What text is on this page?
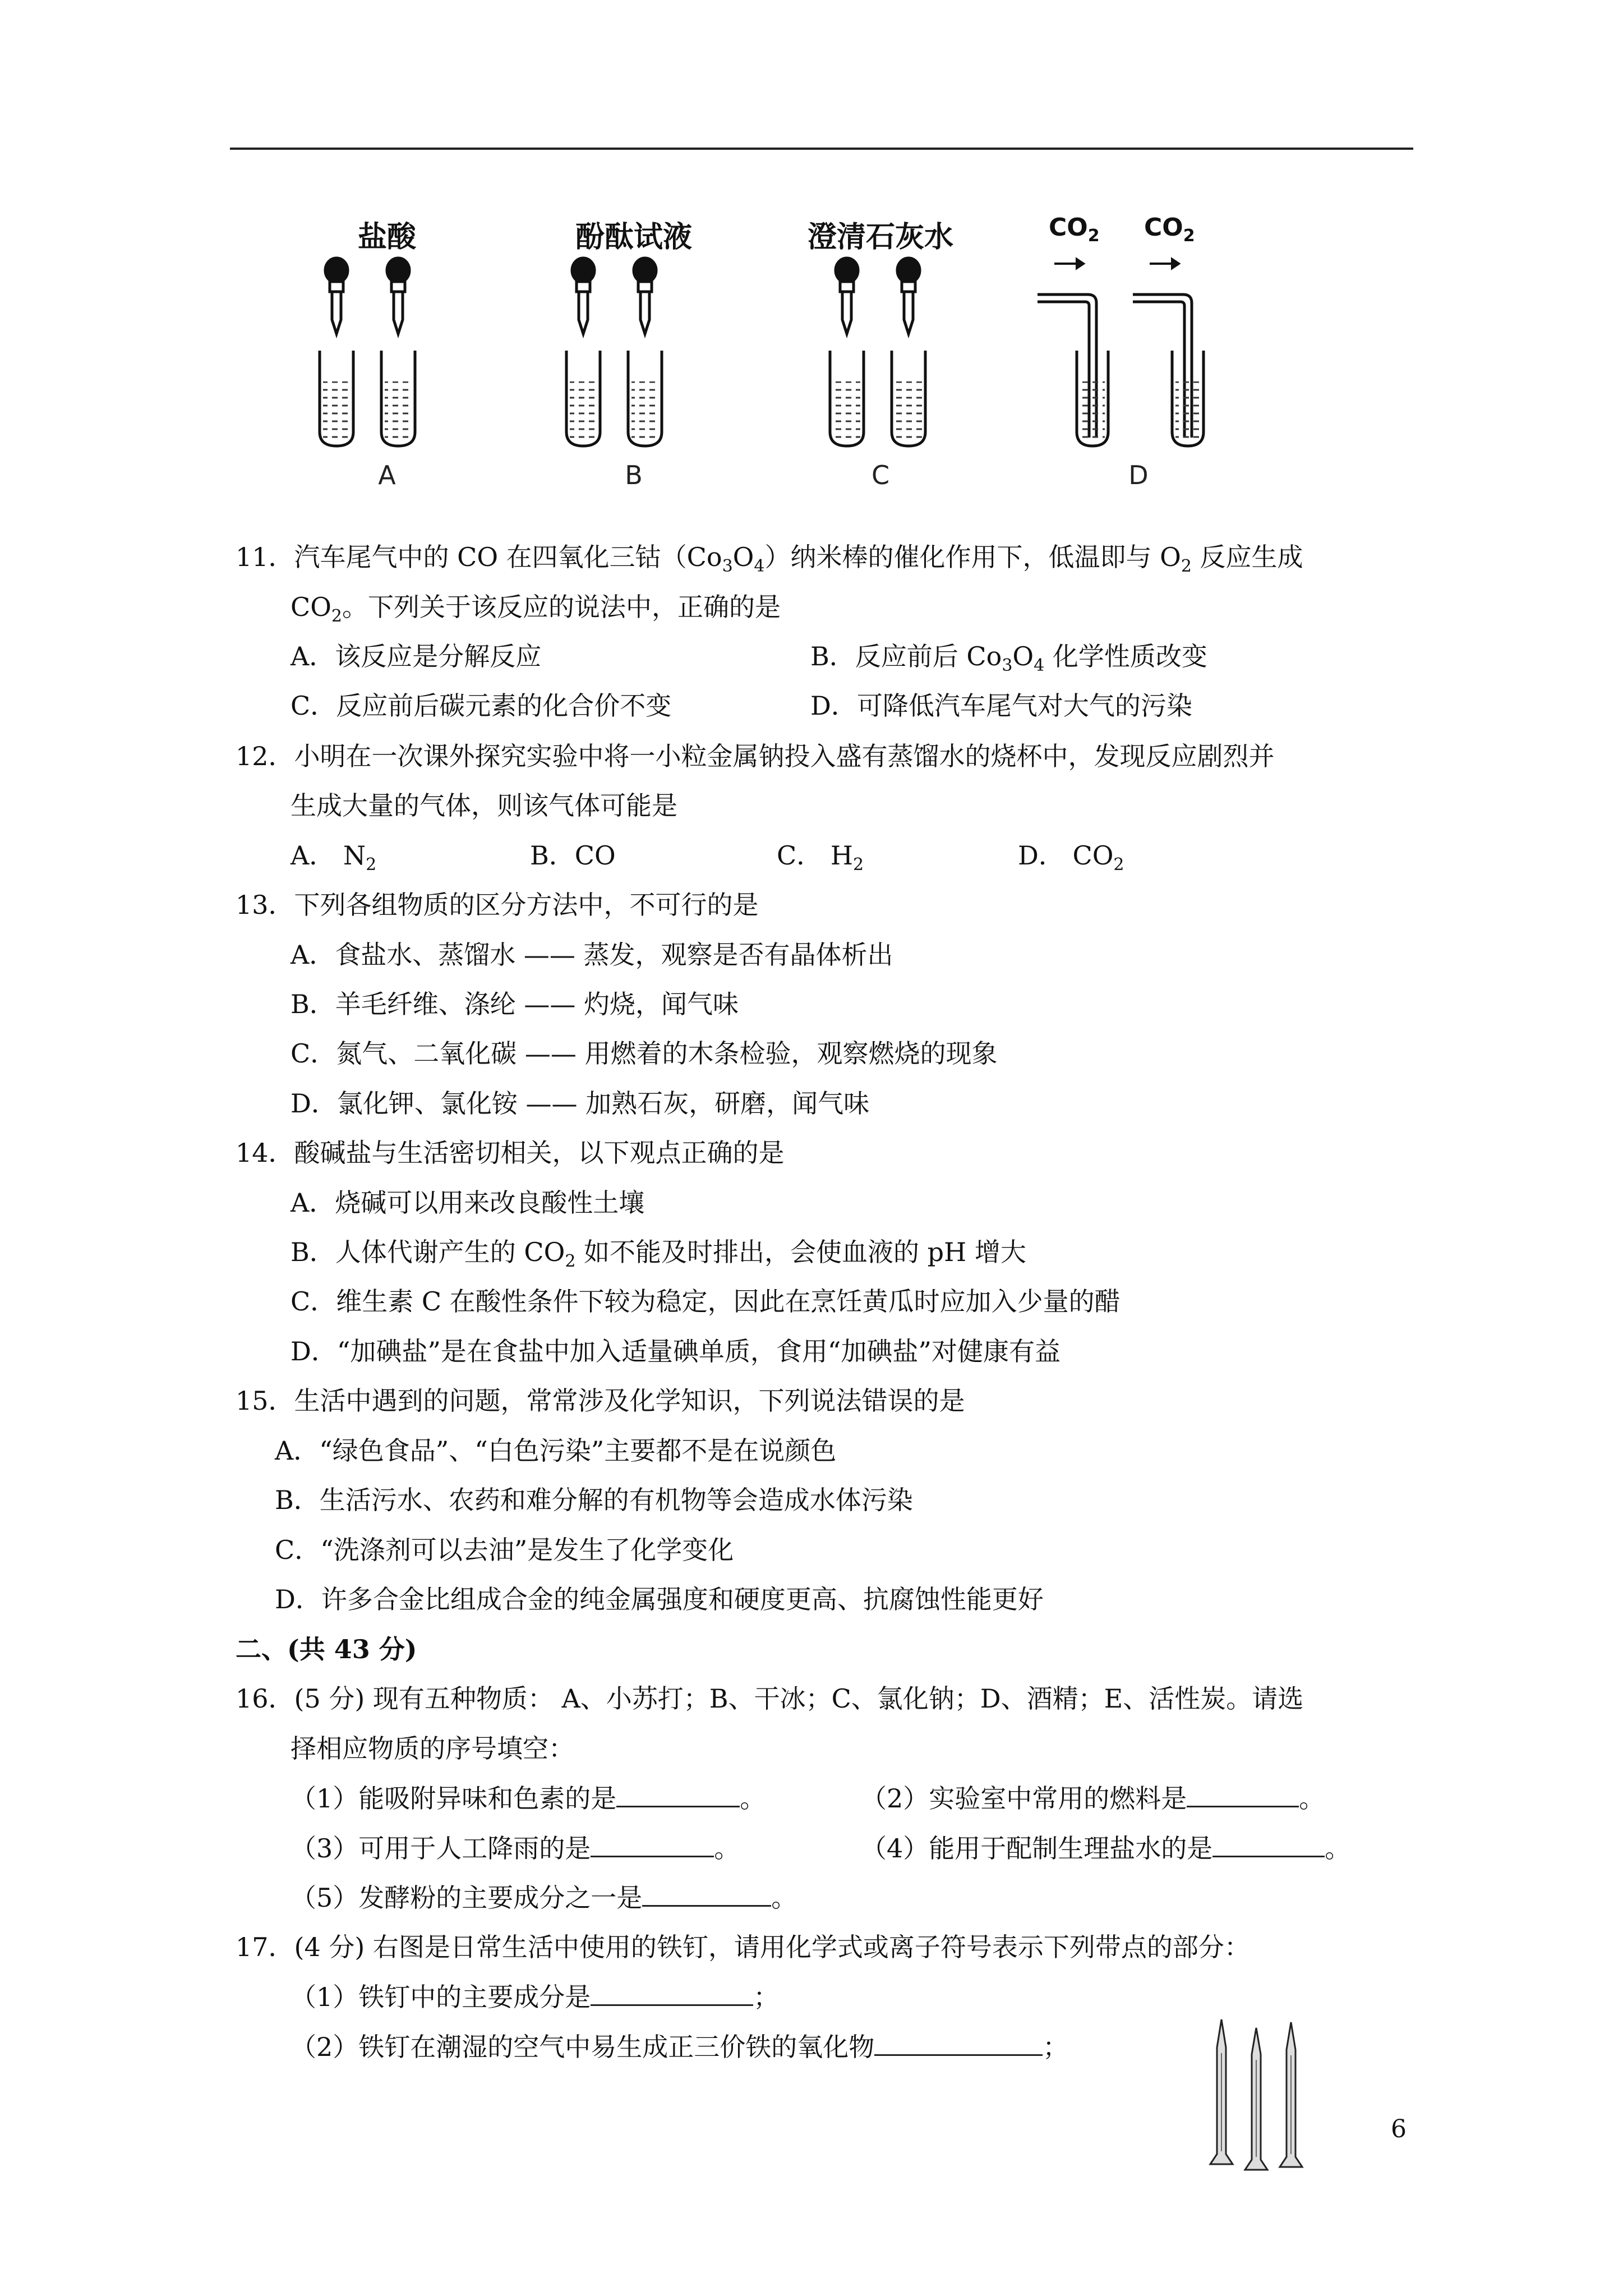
盐酸
A
酚酞试液
B
澄清石灰水
C
$CO_2$ $CO_2$
D
11．汽车尾气中的 CO 在四氧化三钴$(Co_3O_4)$纳米棒的催化作用下，低温即与 $O_2$ 反应生成
$CO_2$。下列关于该反应的说法中，正确的是
A．该反应是分解反应	B．反应前后 $Co_3O_4$ 化学性质改变
C．反应前后碳元素的化合价不变	D．可降低汽车尾气对大气的污染
12．小明在一次课外探究实验中将一小粒金属钠投入盛有蒸馏水的烧杯中，发现反应剧烈并
生成大量的气体，则该气体可能是
A． $N_2$	B．CO	C． $H_2$	D． $CO_2$
13．下列各组物质的区分方法中，不可行的是
A．食盐水、蒸馏水 —— 蒸发，观察是否有晶体析出
B．羊毛纤维、涤纶 —— 灼烧，闻气味
C．氮气、二氧化碳 —— 用燃着的木条检验，观察燃烧的现象
D．氯化钾、氯化铵 —— 加熟石灰，研磨，闻气味
14．酸碱盐与生活密切相关，以下观点正确的是
A．烧碱可以用来改良酸性土壤
B．人体代谢产生的 $CO_2$ 如不能及时排出，会使血液的 pH 增大
C．维生素 C 在酸性条件下较为稳定，因此在烹饪黄瓜时应加入少量的醋
D．“加碘盐”是在食盐中加入适量碘单质，食用“加碘盐”对健康有益
15．生活中遇到的问题，常常涉及化学知识，下列说法错误的是
A．“绿色食品”、“白色污染”主要都不是在说颜色
B．生活污水、农药和难分解的有机物等会造成水体污染
C．“洗涤剂可以去油”是发生了化学变化
D．许多合金比组成合金的纯金属强度和硬度更高、抗腐蚀性能更好
二、(共 43 分)
16．(5 分) 现有五种物质： A、小苏打；B、干冰；C、氯化钠；D、酒精；E、活性炭。请选
择相应物质的序号填空：
（1）能吸附异味和色素的是	。	（2）实验室中常用的燃料是	。
（3）可用于人工降雨的是	。	（4）能用于配制生理盐水的是	。
（5）发酵粉的主要成分之一是	。
17．(4 分) 右图是日常生活中使用的铁钉，请用化学式或离子符号表示下列带点的部分：
（1）铁钉中的主要成分是	；
（2）铁钉在潮湿的空气中易生成正三价铁的氧化物	；
6
